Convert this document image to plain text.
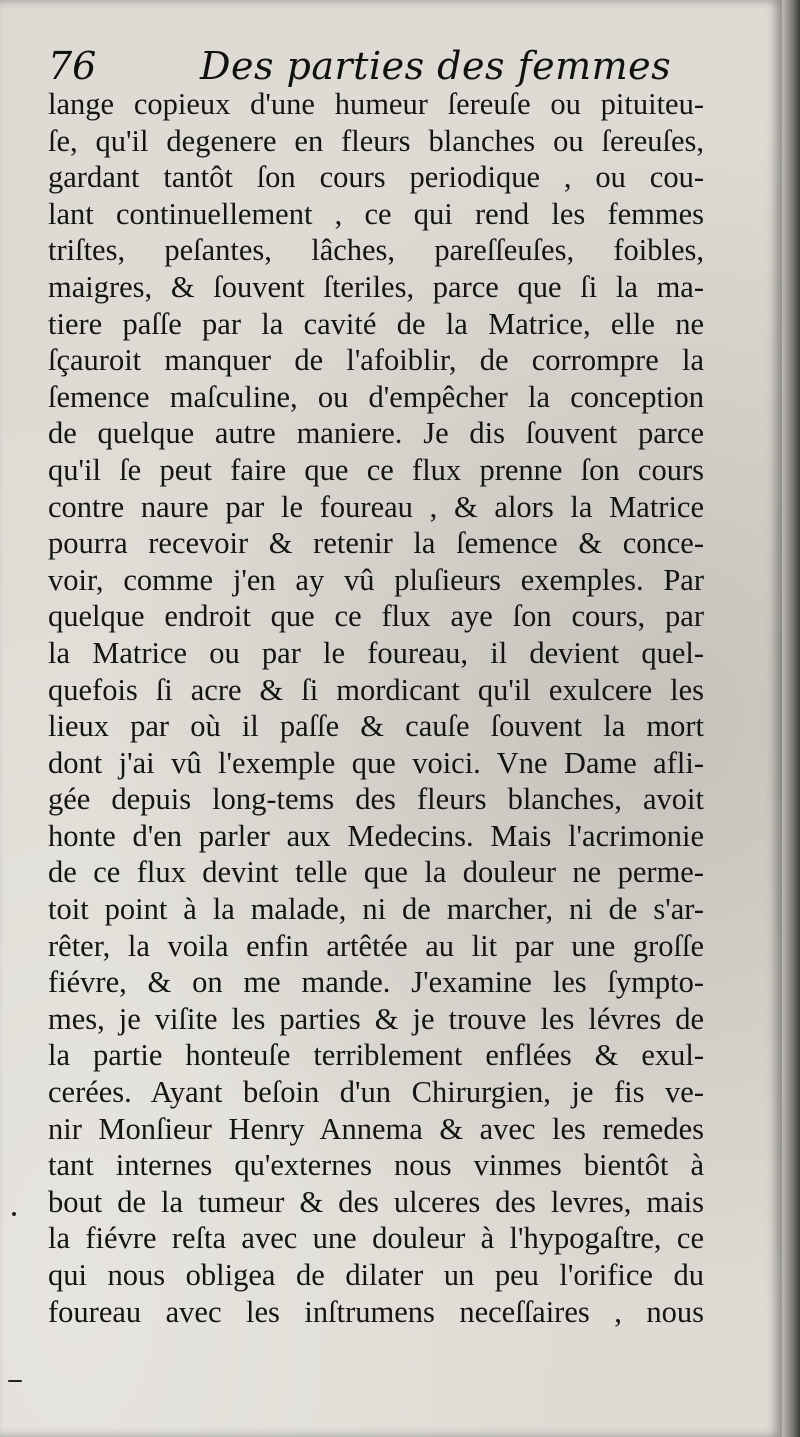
76	Des parties des femmes
lange copieux d'une humeur ſereuſe ou pituiteu-
ſe, qu'il degenere en fleurs blanches ou ſereuſes,
gardant tantôt ſon cours periodique , ou cou-
lant continuellement , ce qui rend les femmes
triſtes, peſantes, lâches, pareſſeuſes, foibles,
maigres, & ſouvent ſteriles, parce que ſi la ma-
tiere paſſe par la cavité de la Matrice, elle ne
ſçauroit manquer de l'afoiblir, de corrompre la
ſemence maſculine, ou d'empêcher la conception
de quelque autre maniere. Je dis ſouvent parce
qu'il ſe peut faire que ce flux prenne ſon cours
contre naure par le foureau , & alors la Matrice
pourra recevoir & retenir la ſemence & conce-
voir, comme j'en ay vû pluſieurs exemples. Par
quelque endroit que ce flux aye ſon cours, par
la Matrice ou par le foureau, il devient quel-
quefois ſi acre & ſi mordicant qu'il exulcere les
lieux par où il paſſe & cauſe ſouvent la mort
dont j'ai vû l'exemple que voici. Vne Dame afli-
gée depuis long-tems des fleurs blanches, avoit
honte d'en parler aux Medecins. Mais l'acrimonie
de ce flux devint telle que la douleur ne perme-
toit point à la malade, ni de marcher, ni de s'ar-
rêter, la voila enfin artêtée au lit par une groſſe
fiévre, & on me mande. J'examine les ſympto-
mes, je viſite les parties & je trouve les lévres de
la partie honteuſe terriblement enflées & exul-
cerées. Ayant beſoin d'un Chirurgien, je fis ve-
nir Monſieur Henry Annema & avec les remedes
tant internes qu'externes nous vinmes bientôt à
bout de la tumeur & des ulceres des levres, mais
la fiévre reſta avec une douleur à l'hypogaſtre, ce
qui nous obligea de dilater un peu l'orifice du
foureau avec les inſtrumens neceſſaires , nous
